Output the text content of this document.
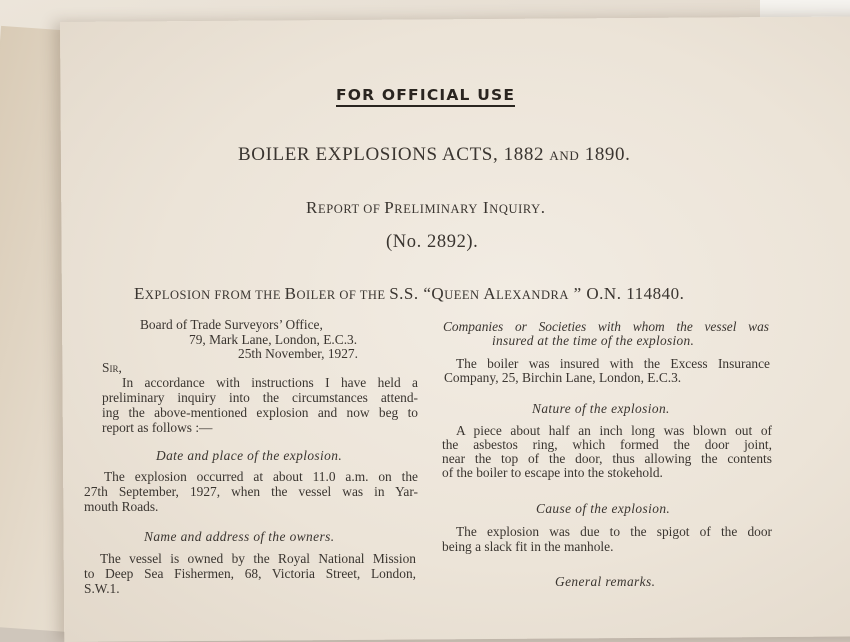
FOR OFFICIAL USE
BOILER EXPLOSIONS ACTS, 1882 AND 1890.
REPORT OF PRELIMINARY INQUIRY.
(No. 2892).
EXPLOSION FROM THE BOILER OF THE S.S. “QUEEN ALEXANDRA ” O.N. 114840.
Board of Trade Surveyors’ Office,
79, Mark Lane, London, E.C.3.
25th November, 1927.
Sir,
In accordance with instructions I have held a
preliminary inquiry into the circumstances attend-
ing the above-mentioned explosion and now beg to
report as follows :—
Date and place of the explosion.
The explosion occurred at about 11.0 a.m. on the
27th September, 1927, when the vessel was in Yar-
mouth Roads.
Name and address of the owners.
The vessel is owned by the Royal National Mission
to Deep Sea Fishermen, 68, Victoria Street, London,
S.W.1.
Companies or Societies with whom the vessel was
insured at the time of the explosion.
The boiler was insured with the Excess Insurance
Company, 25, Birchin Lane, London, E.C.3.
Nature of the explosion.
A piece about half an inch long was blown out of
the asbestos ring, which formed the door joint,
near the top of the door, thus allowing the contents
of the boiler to escape into the stokehold.
Cause of the explosion.
The explosion was due to the spigot of the door
being a slack fit in the manhole.
General remarks.
